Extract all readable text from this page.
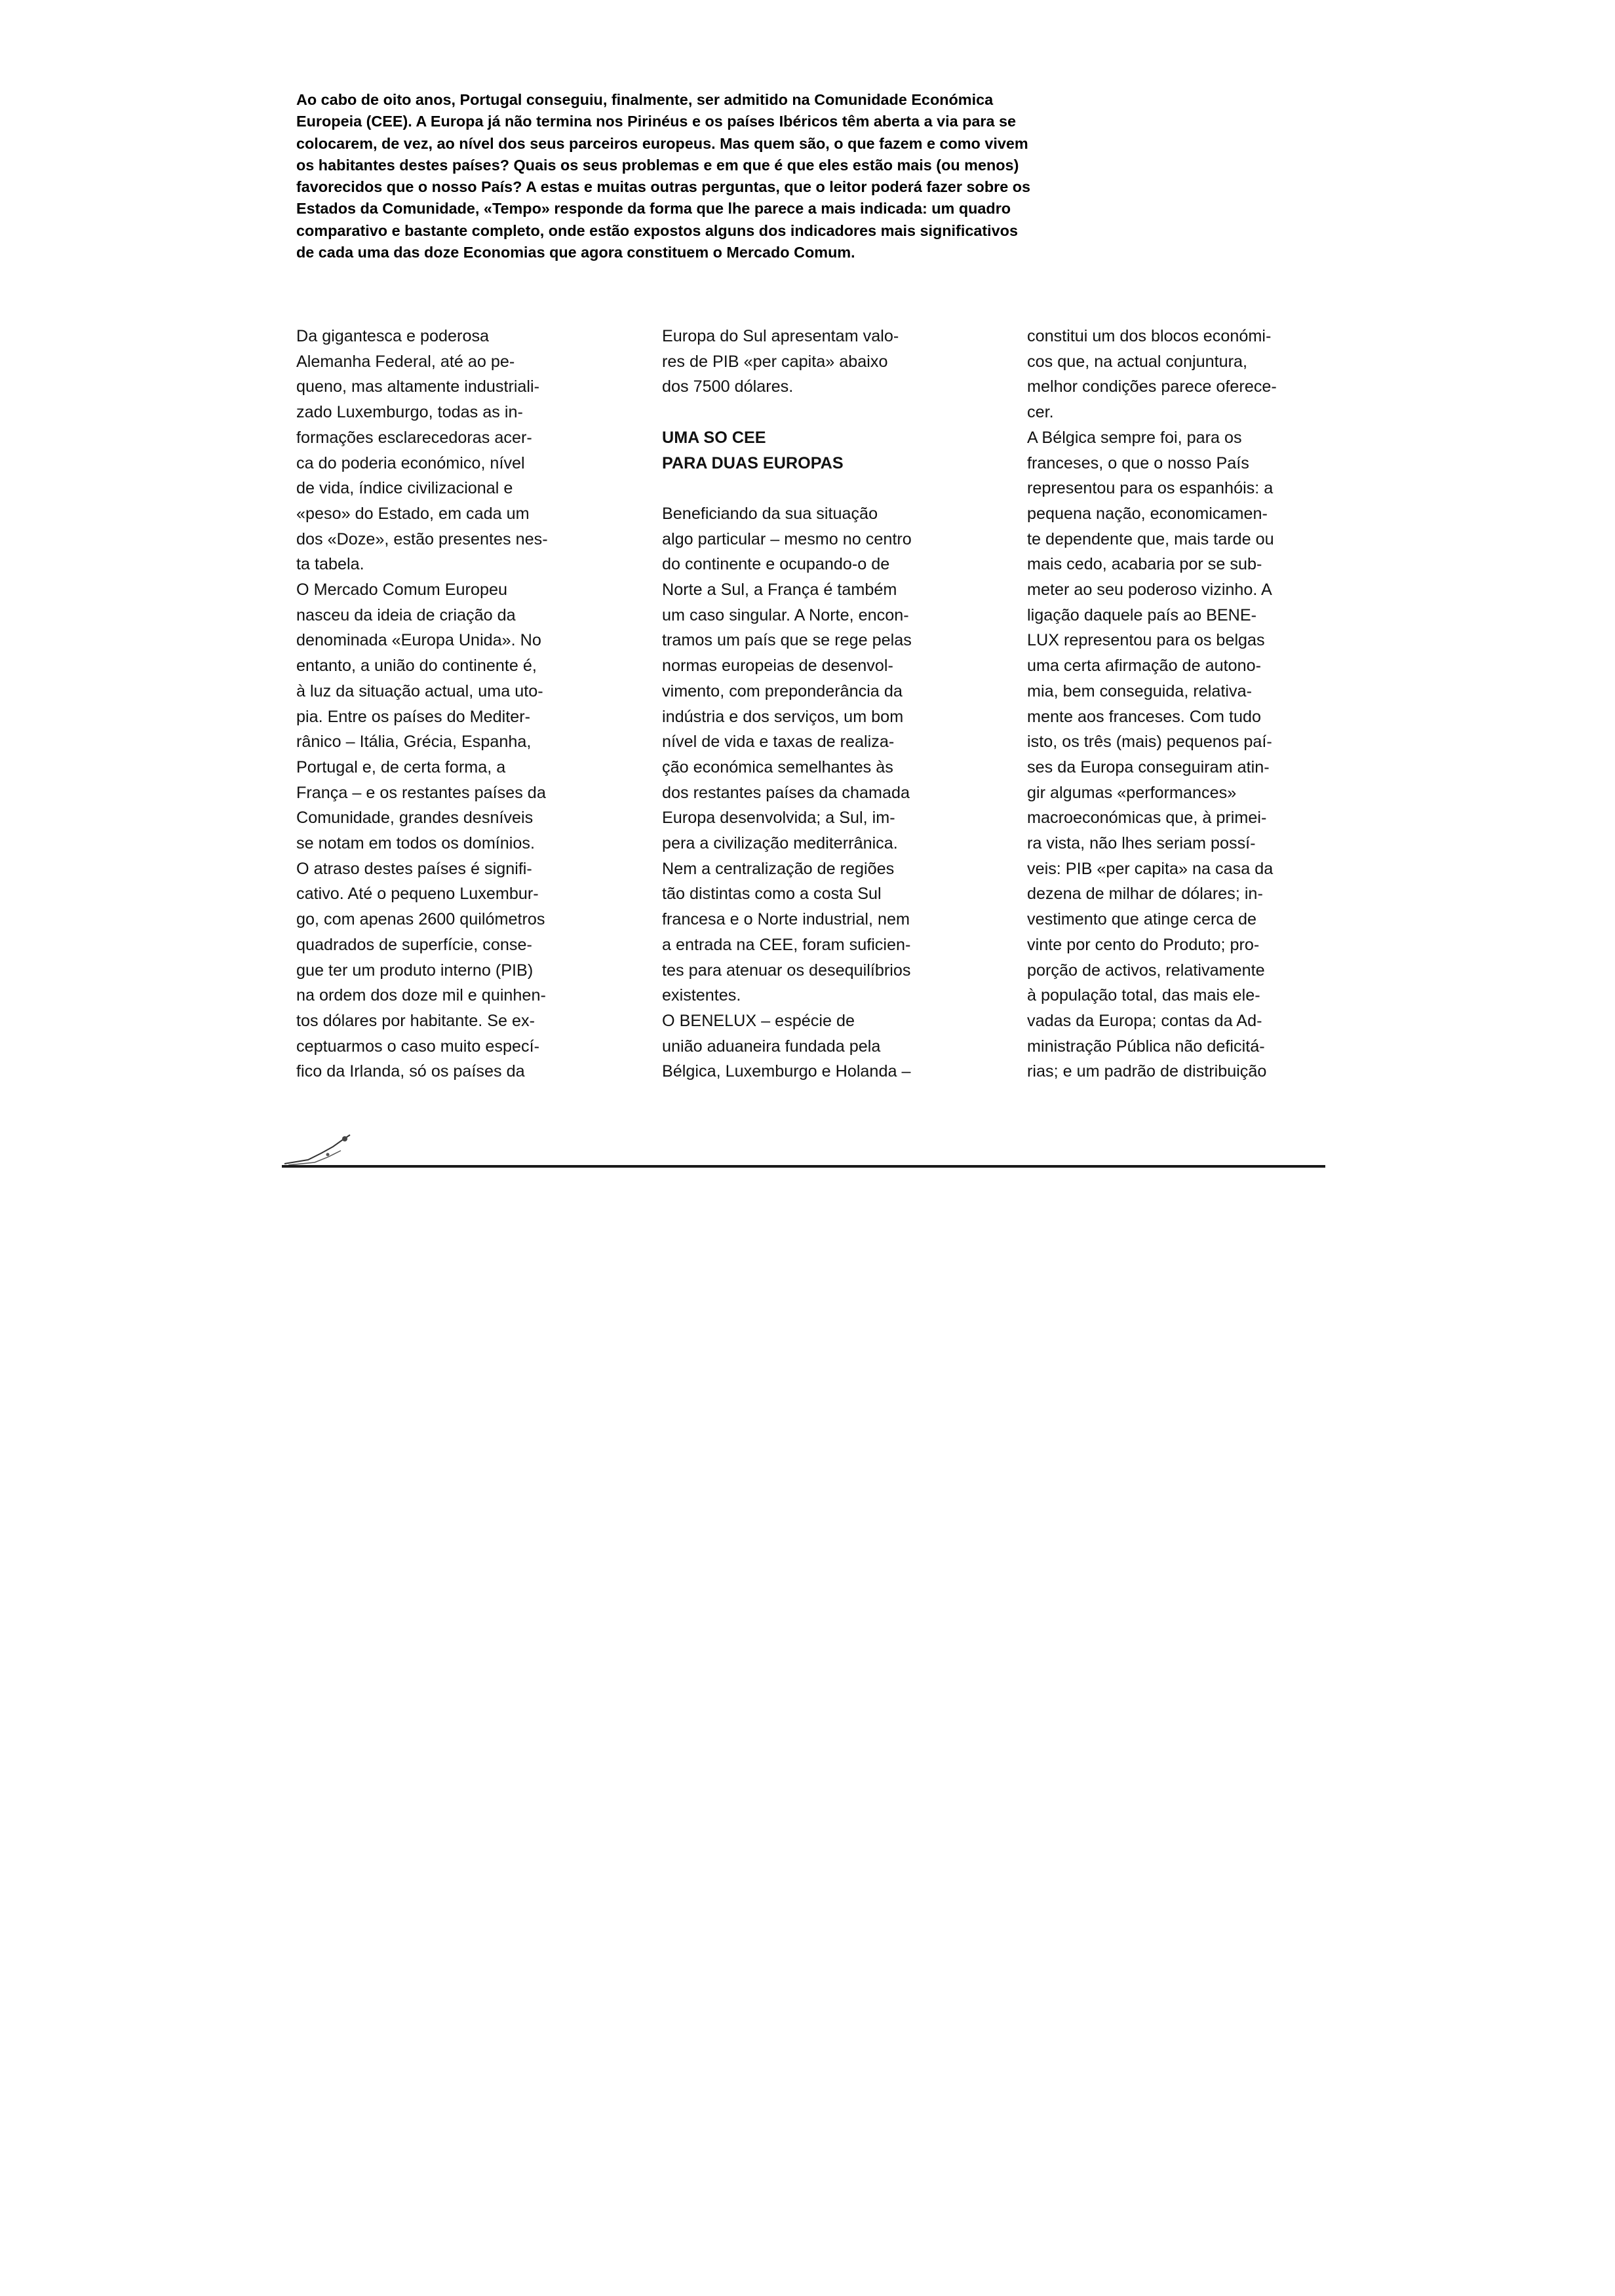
Ao cabo de oito anos, Portugal conseguiu, finalmente, ser admitido na Comunidade Económica
Europeia (CEE). A Europa já não termina nos Pirinéus e os países Ibéricos têm aberta a via para se
colocarem, de vez, ao nível dos seus parceiros europeus. Mas quem são, o que fazem e como vivem
os habitantes destes países? Quais os seus problemas e em que é que eles estão mais (ou menos)
favorecidos que o nosso País? A estas e muitas outras perguntas, que o leitor poderá fazer sobre os
Estados da Comunidade, «Tempo» responde da forma que lhe parece a mais indicada: um quadro
comparativo e bastante completo, onde estão expostos alguns dos indicadores mais significativos
de cada uma das doze Economias que agora constituem o Mercado Comum.
Da gigantesca e poderosa
Alemanha Federal, até ao pe-
queno, mas altamente industriali-
zado Luxemburgo, todas as in-
formações esclarecedoras acer-
ca do poderia económico, nível
de vida, índice civilizacional e
«peso» do Estado, em cada um
dos «Doze», estão presentes nes-
ta tabela.
O Mercado Comum Europeu
nasceu da ideia de criação da
denominada «Europa Unida». No
entanto, a união do continente é,
à luz da situação actual, uma uto-
pia. Entre os países do Mediter-
rânico – Itália, Grécia, Espanha,
Portugal e, de certa forma, a
França – e os restantes países da
Comunidade, grandes desníveis
se notam em todos os domínios.
O atraso destes países é signifi-
cativo. Até o pequeno Luxembur-
go, com apenas 2600 quilómetros
quadrados de superfície, conse-
gue ter um produto interno (PIB)
na ordem dos doze mil e quinhen-
tos dólares por habitante. Se ex-
ceptuarmos o caso muito especí-
fico da Irlanda, só os países da
Europa do Sul apresentam valo-
res de PIB «per capita» abaixo
dos 7500 dólares.
UMA SO CEE
PARA DUAS EUROPAS
Beneficiando da sua situação
algo particular – mesmo no centro
do continente e ocupando-o de
Norte a Sul, a França é também
um caso singular. A Norte, encon-
tramos um país que se rege pelas
normas europeias de desenvol-
vimento, com preponderância da
indústria e dos serviços, um bom
nível de vida e taxas de realiza-
ção económica semelhantes às
dos restantes países da chamada
Europa desenvolvida; a Sul, im-
pera a civilização mediterrânica.
Nem a centralização de regiões
tão distintas como a costa Sul
francesa e o Norte industrial, nem
a entrada na CEE, foram suficien-
tes para atenuar os desequilíbrios
existentes.
O BENELUX – espécie de
união aduaneira fundada pela
Bélgica, Luxemburgo e Holanda –
constitui um dos blocos económi-
cos que, na actual conjuntura,
melhor condições parece oferece-
cer.
A Bélgica sempre foi, para os
franceses, o que o nosso País
representou para os espanhóis: a
pequena nação, economicamen-
te dependente que, mais tarde ou
mais cedo, acabaria por se sub-
meter ao seu poderoso vizinho. A
ligação daquele país ao BENE-
LUX representou para os belgas
uma certa afirmação de autono-
mia, bem conseguida, relativa-
mente aos franceses. Com tudo
isto, os três (mais) pequenos paí-
ses da Europa conseguiram atin-
gir algumas «performances»
macroeconómicas que, à primei-
ra vista, não lhes seriam possí-
veis: PIB «per capita» na casa da
dezena de milhar de dólares; in-
vestimento que atinge cerca de
vinte por cento do Produto; pro-
porção de activos, relativamente
à população total, das mais ele-
vadas da Europa; contas da Ad-
ministração Pública não deficitá-
rias; e um padrão de distribuição
